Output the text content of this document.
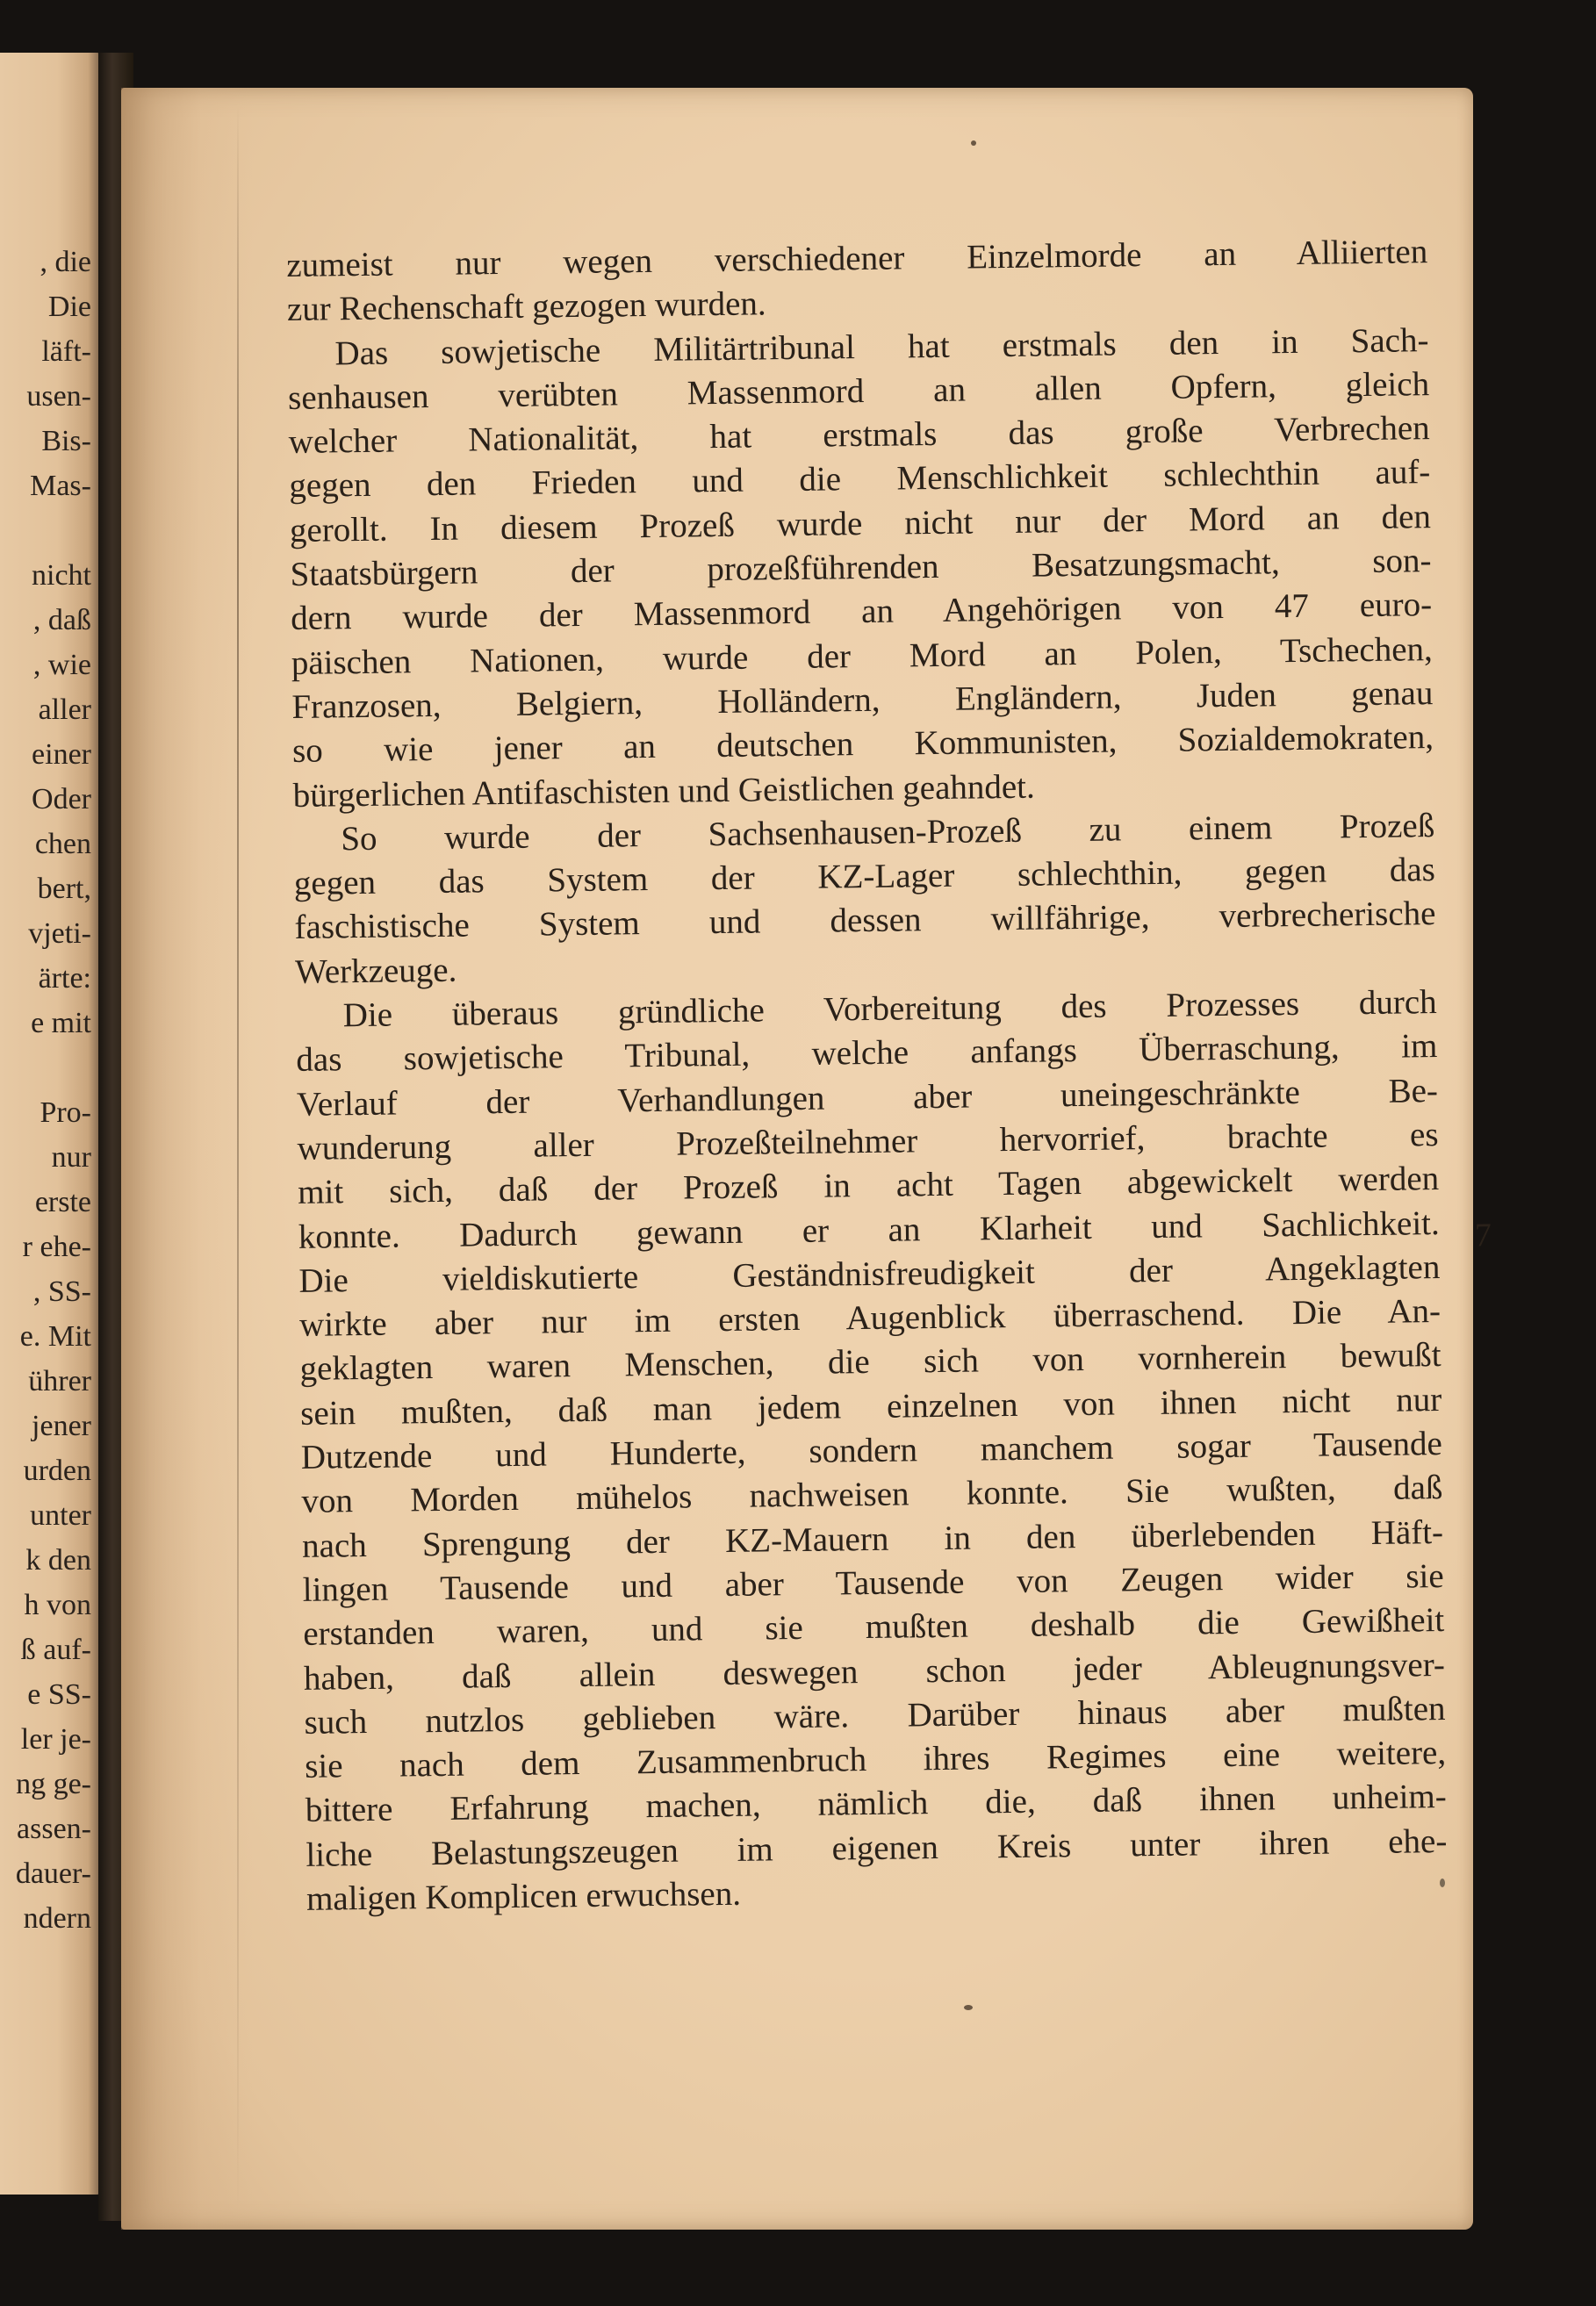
, die
Die
läft-
usen-
Bis-
Mas-
nicht
, daß
, wie
aller
einer
Oder
chen
bert,
vjeti-
ärte:
e mit
Pro-
nur
erste
r ehe-
, SS-
e. Mit
ührer
jener
urden
unter
k den
h von
ß auf-
e SS-
ler je-
ng ge-
assen-
dauer-
ndern
zumeist nur wegen verschiedener Einzelmorde an Alliierten
zur Rechenschaft gezogen wurden.
Das sowjetische Militärtribunal hat erstmals den in Sach-
senhausen verübten Massenmord an allen Opfern, gleich
welcher Nationalität, hat erstmals das große Verbrechen
gegen den Frieden und die Menschlichkeit schlechthin auf-
gerollt. In diesem Prozeß wurde nicht nur der Mord an den
Staatsbürgern der prozeßführenden Besatzungsmacht, son-
dern wurde der Massenmord an Angehörigen von 47 euro-
päischen Nationen, wurde der Mord an Polen, Tschechen,
Franzosen, Belgiern, Holländern, Engländern, Juden genau
so wie jener an deutschen Kommunisten, Sozialdemokraten,
bürgerlichen Antifaschisten und Geistlichen geahndet.
So wurde der Sachsenhausen-Prozeß zu einem Prozeß
gegen das System der KZ-Lager schlechthin, gegen das
faschistische System und dessen willfährige, verbrecherische
Werkzeuge.
Die überaus gründliche Vorbereitung des Prozesses durch
das sowjetische Tribunal, welche anfangs Überraschung, im
Verlauf der Verhandlungen aber uneingeschränkte Be-
wunderung aller Prozeßteilnehmer hervorrief, brachte es
mit sich, daß der Prozeß in acht Tagen abgewickelt werden
konnte. Dadurch gewann er an Klarheit und Sachlichkeit.
Die vieldiskutierte Geständnisfreudigkeit der Angeklagten
wirkte aber nur im ersten Augenblick überraschend. Die An-
geklagten waren Menschen, die sich von vornherein bewußt
sein mußten, daß man jedem einzelnen von ihnen nicht nur
Dutzende und Hunderte, sondern manchem sogar Tausende
von Morden mühelos nachweisen konnte. Sie wußten, daß
nach Sprengung der KZ-Mauern in den überlebenden Häft-
lingen Tausende und aber Tausende von Zeugen wider sie
erstanden waren, und sie mußten deshalb die Gewißheit
haben, daß allein deswegen schon jeder Ableugnungsver-
such nutzlos geblieben wäre. Darüber hinaus aber mußten
sie nach dem Zusammenbruch ihres Regimes eine weitere,
bittere Erfahrung machen, nämlich die, daß ihnen unheim-
liche Belastungszeugen im eigenen Kreis unter ihren ehe-
maligen Komplicen erwuchsen.
7
